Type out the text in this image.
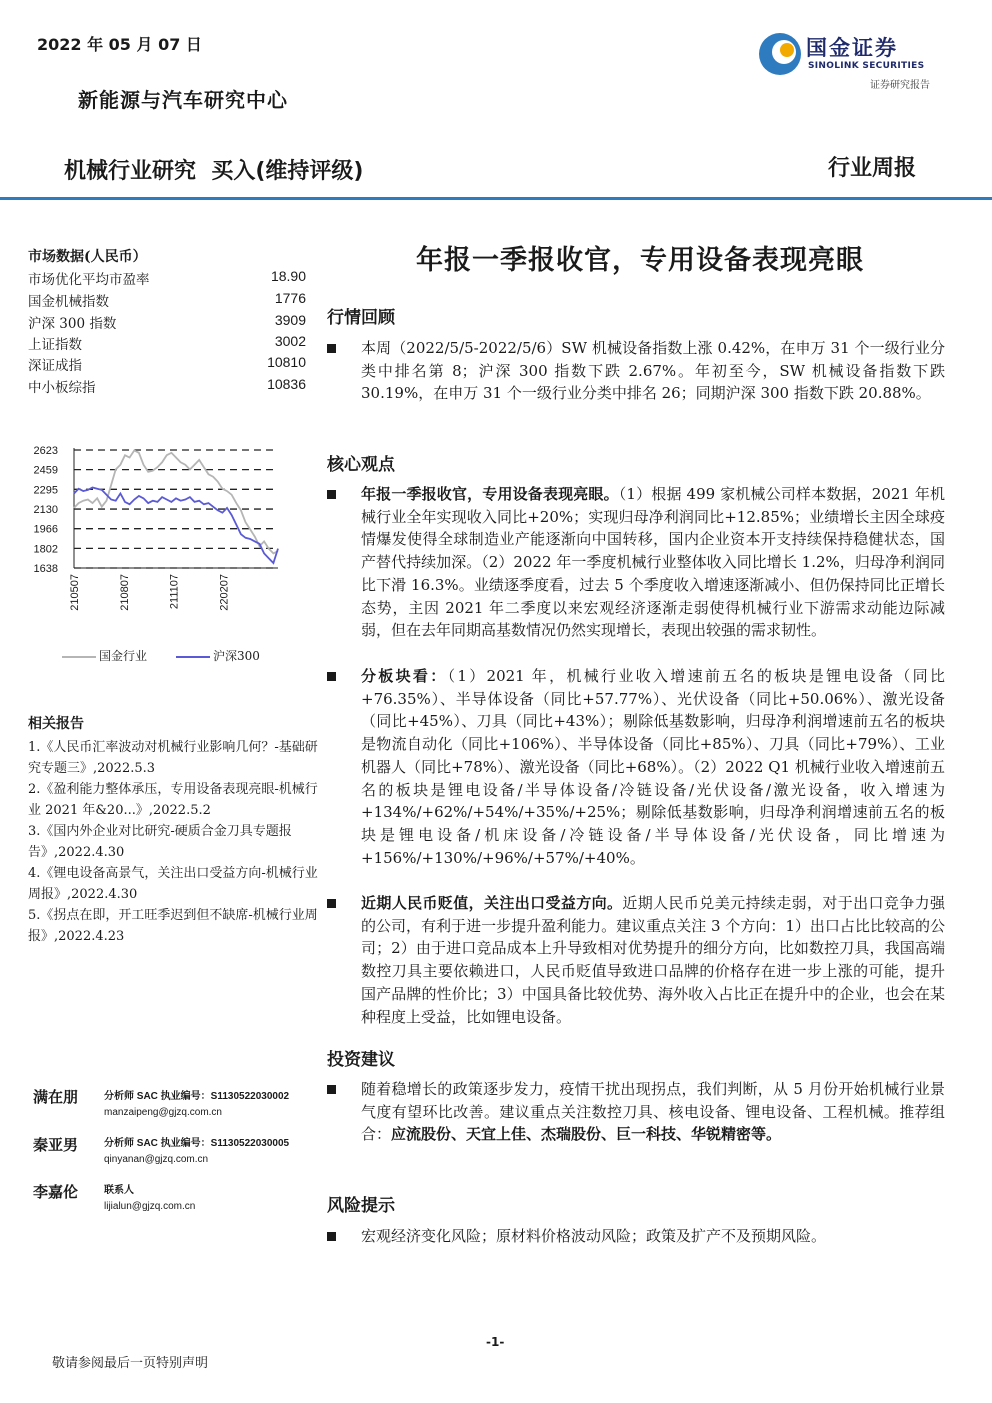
2022 年 05 月 07 日
新能源与汽车研究中心
国金证券
SINOLINK SECURITIES
证券研究报告
机械行业研究  买入(维持评级)	行业周报
市场数据(人民币）
市场优化平均市盈率	18.90
国金机械指数	1776
沪深 300 指数	3909
上证指数	3002
深证成指	10810
中小板综指	10836
2623
2459
2295
2130
1966
1802
1638
210507	210807	211107	220207
国金行业	沪深300
相关报告
1.《人民币汇率波动对机械行业影响几何？-基础研究专题三》,2022.5.3
2.《盈利能力整体承压，专用设备表现亮眼-机械行业 2021 年&20...》,2022.5.2
3.《国内外企业对比研究-硬质合金刀具专题报告》,2022.4.30
4.《锂电设备高景气，关注出口受益方向-机械行业周报》,2022.4.30
5.《拐点在即，开工旺季迟到但不缺席-机械行业周报》,2022.4.23
满在朋	分析师 SAC 执业编号：S1130522030002
manzaipeng@gjzq.com.cn
秦亚男	分析师 SAC 执业编号：S1130522030005
qinyanan@gjzq.com.cn
李嘉伦	联系人
lijialun@gjzq.com.cn
年报一季报收官，专用设备表现亮眼
行情回顾
本周（2022/5/5-2022/5/6）SW 机械设备指数上涨 0.42%，在申万 31 个一级行业分类中排名第 8；沪深 300 指数下跌 2.67%。年初至今，SW 机械设备指数下跌 30.19%，在申万 31 个一级行业分类中排名 26；同期沪深 300 指数下跌 20.88%。
核心观点
年报一季报收官，专用设备表现亮眼。（1）根据 499 家机械公司样本数据，2021 年机械行业全年实现收入同比+20%；实现归母净利润同比+12.85%；业绩增长主因全球疫情爆发使得全球制造业产能逐渐向中国转移，国内企业资本开支持续保持稳健状态，国产替代持续加深。（2）2022 年一季度机械行业整体收入同比增长 1.2%，归母净利润同比下滑 16.3%。业绩逐季度看，过去 5 个季度收入增速逐渐减小、但仍保持同比正增长态势，主因 2021 年二季度以来宏观经济逐渐走弱使得机械行业下游需求动能边际减弱，但在去年同期高基数情况仍然实现增长，表现出较强的需求韧性。
分板块看：（1）2021 年，机械行业收入增速前五名的板块是锂电设备（同比+76.35%）、半导体设备（同比+57.77%）、光伏设备（同比+50.06%）、激光设备（同比+45%）、刀具（同比+43%）；剔除低基数影响，归母净利润增速前五名的板块是物流自动化（同比+106%）、半导体设备（同比+85%）、刀具（同比+79%）、工业机器人（同比+78%）、激光设备（同比+68%）。（2）2022 Q1 机械行业收入增速前五名的板块是锂电设备/半导体设备/冷链设备/光伏设备/激光设备，收入增速为+134%/+62%/+54%/+35%/+25%；剔除低基数影响，归母净利润增速前五名的板块是锂电设备/机床设备/冷链设备/半导体设备/光伏设备，同比增速为+156%/+130%/+96%/+57%/+40%。
近期人民币贬值，关注出口受益方向。近期人民币兑美元持续走弱，对于出口竞争力强的公司，有利于进一步提升盈利能力。建议重点关注 3 个方向：1）出口占比比较高的公司；2）由于进口竞品成本上升导致相对优势提升的细分方向，比如数控刀具，我国高端数控刀具主要依赖进口，人民币贬值导致进口品牌的价格存在进一步上涨的可能，提升国产品牌的性价比；3）中国具备比较优势、海外收入占比正在提升中的企业，也会在某种程度上受益，比如锂电设备。
投资建议
随着稳增长的政策逐步发力，疫情干扰出现拐点，我们判断，从 5 月份开始机械行业景气度有望环比改善。建议重点关注数控刀具、核电设备、锂电设备、工程机械。推荐组合：应流股份、天宜上佳、杰瑞股份、巨一科技、华锐精密等。
风险提示
宏观经济变化风险；原材料价格波动风险；政策及扩产不及预期风险。
-1-
敬请参阅最后一页特别声明
